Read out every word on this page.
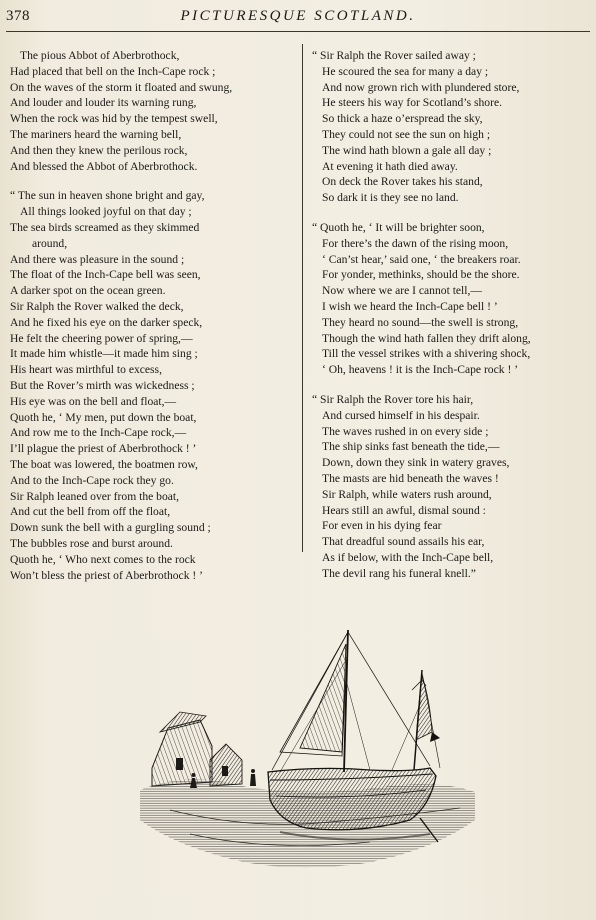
378	PICTURESQUE SCOTLAND.
The pious Abbot of Aberbrothock,
Had placed that bell on the Inch-Cape rock ;
On the waves of the storm it floated and swung,
And louder and louder its warning rung,
When the rock was hid by the tempest swell,
The mariners heard the warning bell,
And then they knew the perilous rock,
And blessed the Abbot of Aberbrothock.
“ The sun in heaven shone bright and gay,
All things looked joyful on that day ;
The sea birds screamed as they skimmed
around,
And there was pleasure in the sound ;
The float of the Inch-Cape bell was seen,
A darker spot on the ocean green.
Sir Ralph the Rover walked the deck,
And he fixed his eye on the darker speck,
He felt the cheering power of spring,—
It made him whistle—it made him sing ;
His heart was mirthful to excess,
But the Rover’s mirth was wickedness ;
His eye was on the bell and float,—
Quoth he, ‘ My men, put down the boat,
And row me to the Inch-Cape rock,—
I’ll plague the priest of Aberbrothock ! ’
The boat was lowered, the boatmen row,
And to the Inch-Cape rock they go.
Sir Ralph leaned over from the boat,
And cut the bell from off the float,
Down sunk the bell with a gurgling sound ;
The bubbles rose and burst around.
Quoth he, ‘ Who next comes to the rock
Won’t bless the priest of Aberbrothock ! ’
“ Sir Ralph the Rover sailed away ;
He scoured the sea for many a day ;
And now grown rich with plundered store,
He steers his way for Scotland’s shore.
So thick a haze o’erspread the sky,
They could not see the sun on high ;
The wind hath blown a gale all day ;
At evening it hath died away.
On deck the Rover takes his stand,
So dark it is they see no land.
“ Quoth he, ‘ It will be brighter soon,
For there’s the dawn of the rising moon,
‘ Can’st hear,’ said one, ‘ the breakers roar.
For yonder, methinks, should be the shore.
Now where we are I cannot tell,—
I wish we heard the Inch-Cape bell ! ’
They heard no sound—the swell is strong,
Though the wind hath fallen they drift along,
Till the vessel strikes with a shivering shock,
‘ Oh, heavens ! it is the Inch-Cape rock ! ’
“ Sir Ralph the Rover tore his hair,
And cursed himself in his despair.
The waves rushed in on every side ;
The ship sinks fast beneath the tide,—
Down, down they sink in watery graves,
The masts are hid beneath the waves !
Sir Ralph, while waters rush around,
Hears still an awful, dismal sound :
For even in his dying fear
That dreadful sound assails his ear,
As if below, with the Inch-Cape bell,
The devil rang his funeral knell.”
